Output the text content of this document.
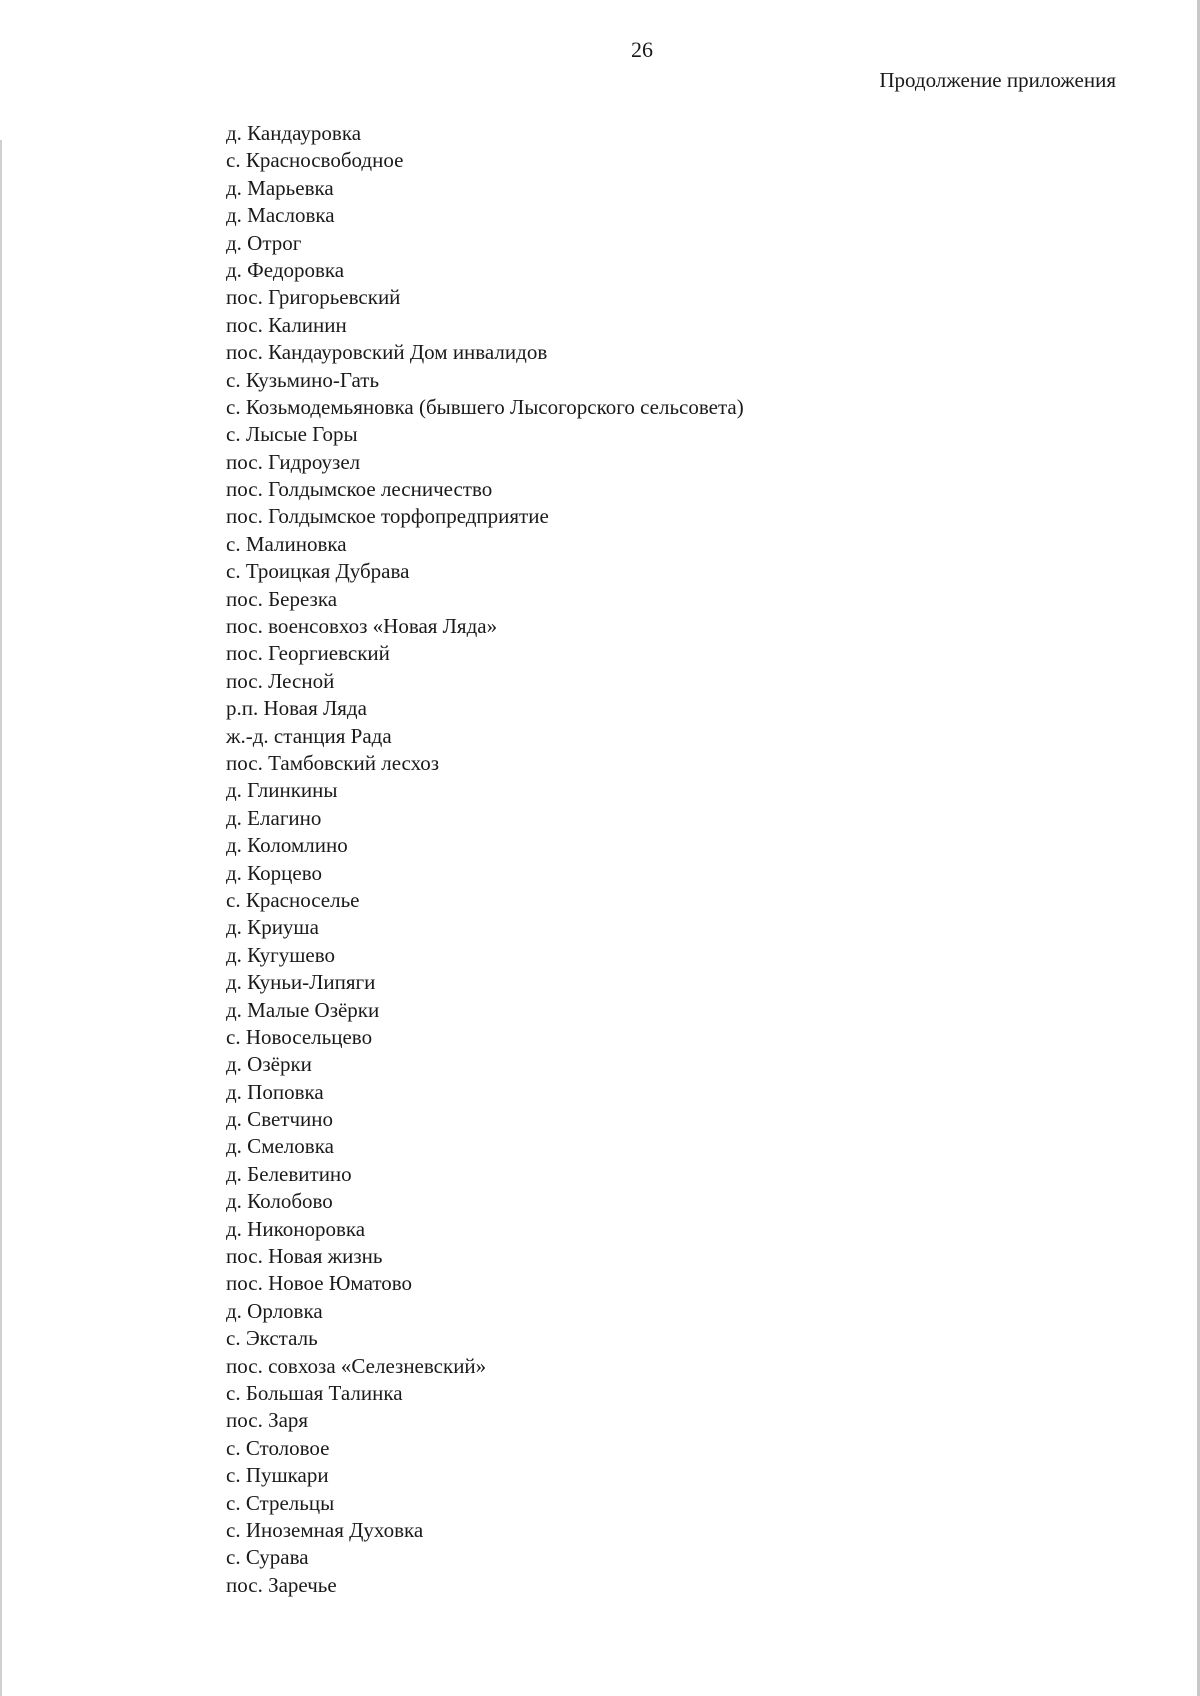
26
Продолжение приложения
д. Кандауровка
с. Красносвободное
д. Марьевка
д. Масловка
д. Отрог
д. Федоровка
пос. Григорьевский
пос. Калинин
пос. Кандауровский Дом инвалидов
с. Кузьмино-Гать
с. Козьмодемьяновка (бывшего Лысогорского сельсовета)
с. Лысые Горы
пос. Гидроузел
пос. Голдымское лесничество
пос. Голдымское торфопредприятие
с. Малиновка
с. Троицкая Дубрава
пос. Березка
пос. военсовхоз «Новая Ляда»
пос. Георгиевский
пос. Лесной
р.п. Новая Ляда
ж.-д. станция Рада
пос. Тамбовский лесхоз
д. Глинкины
д. Елагино
д. Коломлино
д. Корцево
с. Красноселье
д. Криуша
д. Кугушево
д. Куньи-Липяги
д. Малые Озёрки
с. Новосельцево
д. Озёрки
д. Поповка
д. Светчино
д. Смеловка
д. Белевитино
д. Колобово
д. Никоноровка
пос. Новая жизнь
пос. Новое Юматово
д. Орловка
с. Эксталь
пос. совхоза «Селезневский»
с. Большая Талинка
пос. Заря
с. Столовое
с. Пушкари
с. Стрельцы
с. Иноземная Духовка
с. Сурава
пос. Заречье
